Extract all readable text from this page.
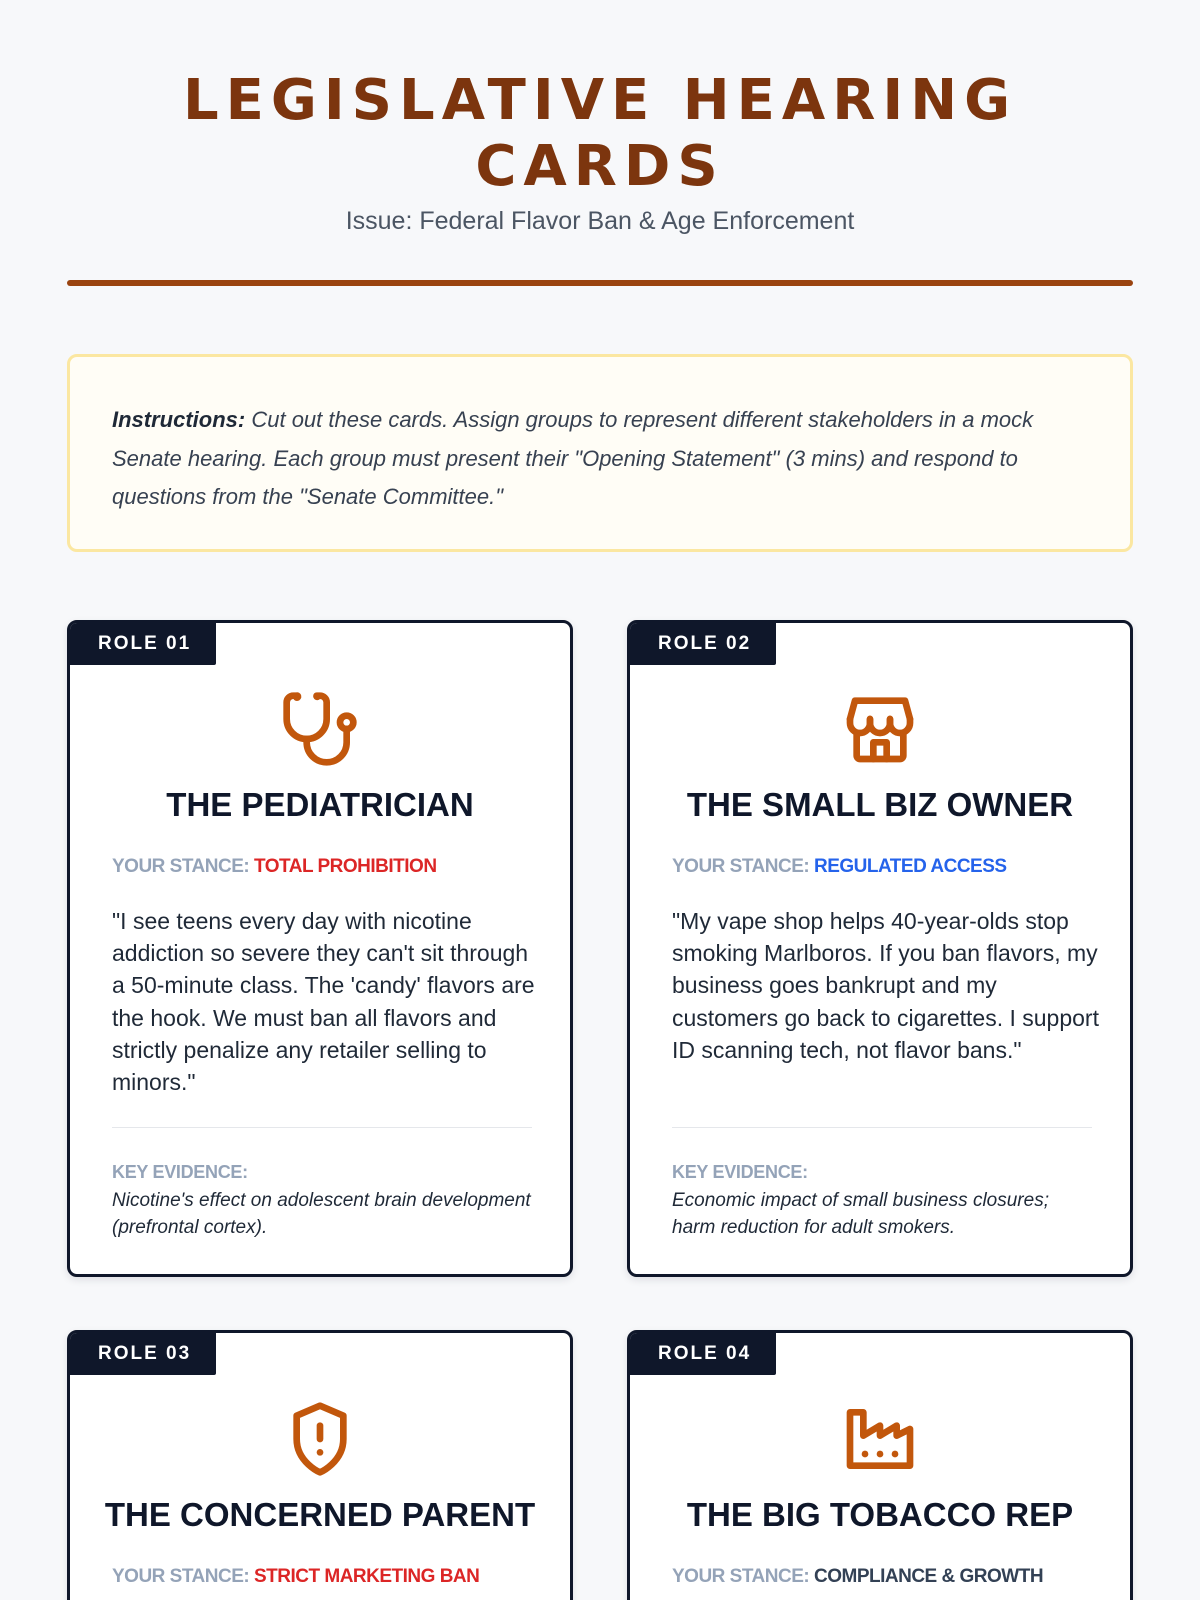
LEGISLATIVE HEARING CARDS
Issue: Federal Flavor Ban & Age Enforcement
Instructions: Cut out these cards. Assign groups to represent different stakeholders in a mock Senate hearing. Each group must present their "Opening Statement" (3 mins) and respond to questions from the "Senate Committee."
ROLE 01
THE PEDIATRICIAN
YOUR STANCE: TOTAL PROHIBITION
"I see teens every day with nicotine addiction so severe they can't sit through a 50-minute class. The 'candy' flavors are the hook. We must ban all flavors and strictly penalize any retailer selling to minors."
KEY EVIDENCE:
Nicotine's effect on adolescent brain development (prefrontal cortex).
ROLE 02
THE SMALL BIZ OWNER
YOUR STANCE: REGULATED ACCESS
"My vape shop helps 40-year-olds stop smoking Marlboros. If you ban flavors, my business goes bankrupt and my customers go back to cigarettes. I support ID scanning tech, not flavor bans."
KEY EVIDENCE:
Economic impact of small business closures; harm reduction for adult smokers.
ROLE 03
THE CONCERNED PARENT
YOUR STANCE: STRICT MARKETING BAN
ROLE 04
THE BIG TOBACCO REP
YOUR STANCE: COMPLIANCE & GROWTH
